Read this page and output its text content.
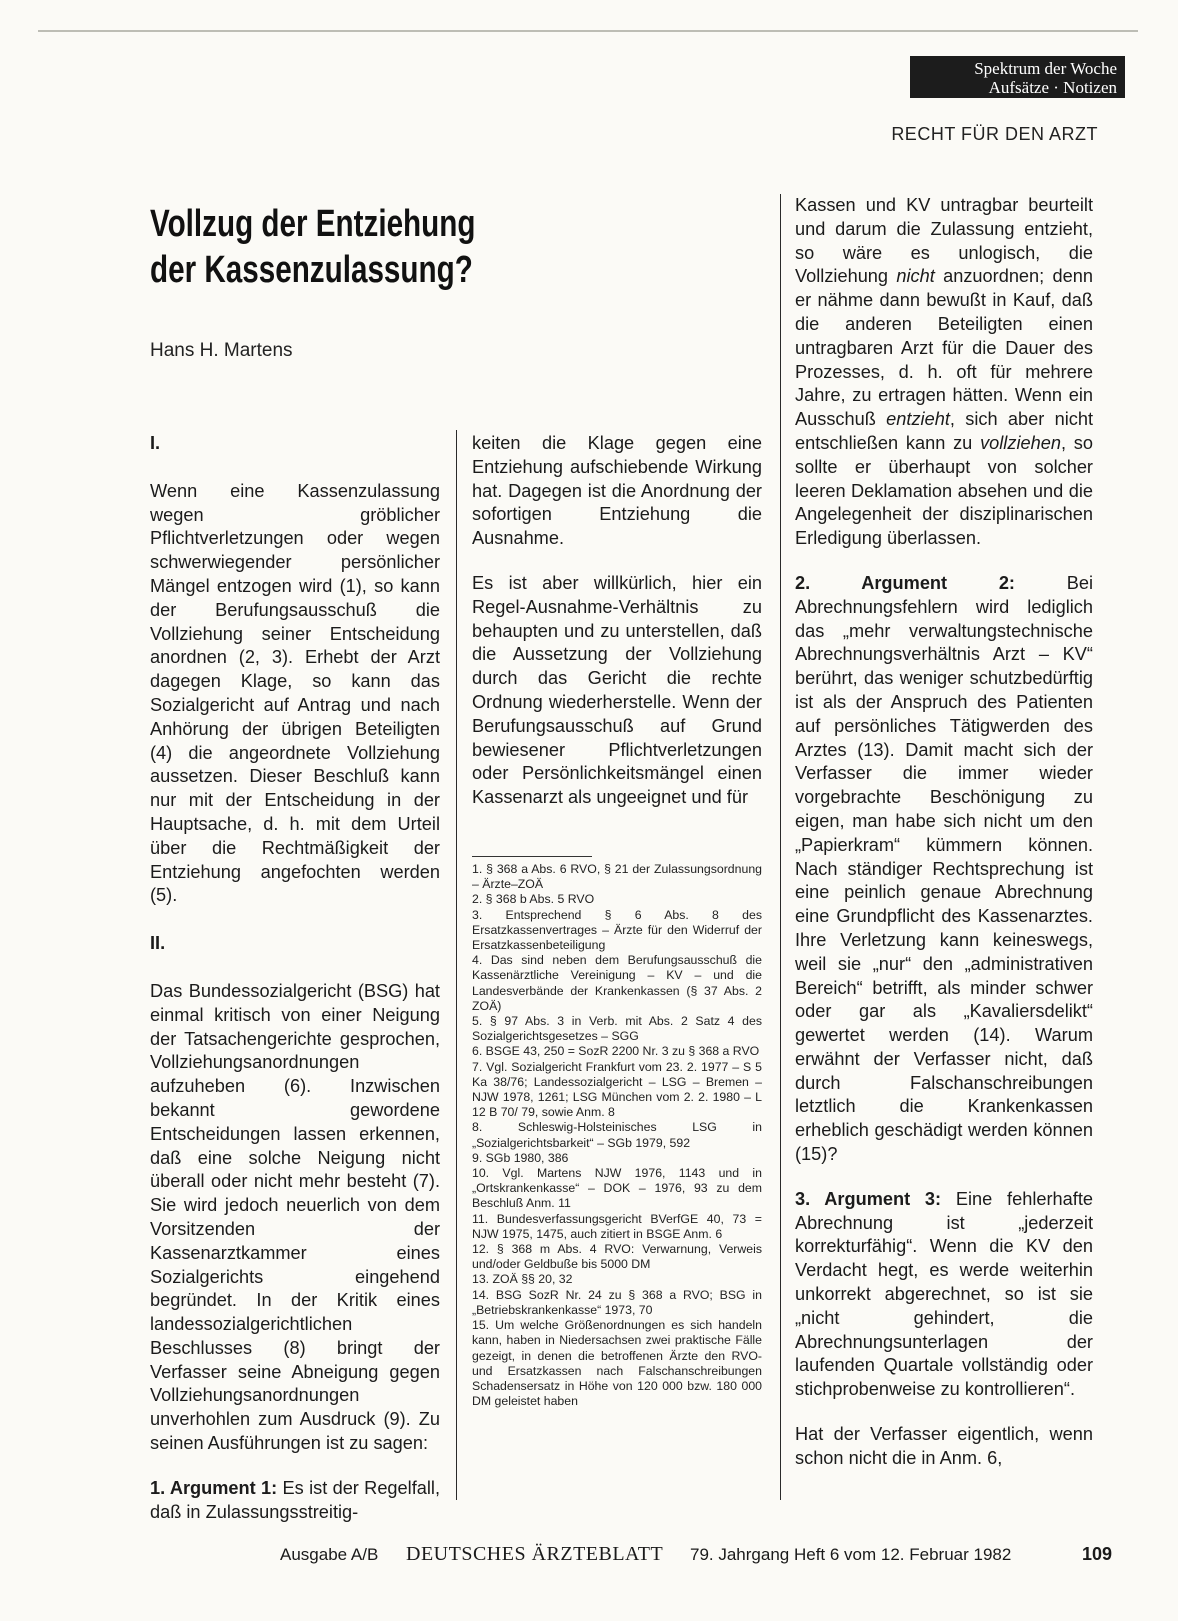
Spektrum der Woche
Aufsätze · Notizen
RECHT FÜR DEN ARZT
Vollzug der Entziehung
der Kassenzulassung?
Hans H. Martens

I.

Wenn eine Kassenzulassung wegen gröblicher Pflichtverletzungen oder wegen schwerwiegender persönlicher Mängel entzogen wird (1), so kann der Berufungsausschuß die Vollziehung seiner Entscheidung anordnen (2, 3). Erhebt der Arzt dagegen Klage, so kann das Sozialgericht auf Antrag und nach Anhörung der übrigen Beteiligten (4) die angeordnete Vollziehung aussetzen. Dieser Beschluß kann nur mit der Entscheidung in der Hauptsache, d. h. mit dem Urteil über die Rechtmäßigkeit der Entziehung angefochten werden (5).

II.

Das Bundessozialgericht (BSG) hat einmal kritisch von einer Neigung der Tatsachengerichte gesprochen, Vollziehungsanordnungen aufzuheben (6). Inzwischen bekannt gewordene Entscheidungen lassen erkennen, daß eine solche Neigung nicht überall oder nicht mehr besteht (7). Sie wird jedoch neuerlich von dem Vorsitzenden der Kassenarztkammer eines Sozialgerichts eingehend begründet. In der Kritik eines landessozialgerichtlichen Beschlusses (8) bringt der Verfasser seine Abneigung gegen Vollziehungsanordnungen unverhohlen zum Ausdruck (9). Zu seinen Ausführungen ist zu sagen:

1. Argument 1: Es ist der Regelfall, daß in Zulassungsstreitig-

keiten die Klage gegen eine Entziehung aufschiebende Wirkung hat. Dagegen ist die Anordnung der sofortigen Entziehung die Ausnahme.

Es ist aber willkürlich, hier ein Regel-Ausnahme-Verhältnis zu behaupten und zu unterstellen, daß die Aussetzung der Vollziehung durch das Gericht die rechte Ordnung wiederherstelle. Wenn der Berufungsausschuß auf Grund bewiesener Pflichtverletzungen oder Persönlichkeitsmängel einen Kassenarzt als ungeeignet und für

1. § 368 a Abs. 6 RVO, § 21 der Zulassungsordnung – Ärzte–ZOÄ
2. § 368 b Abs. 5 RVO
3. Entsprechend § 6 Abs. 8 des Ersatzkassenvertrages – Ärzte für den Widerruf der Ersatzkassenbeteiligung
4. Das sind neben dem Berufungsausschuß die Kassenärztliche Vereinigung – KV – und die Landesverbände der Krankenkassen (§ 37 Abs. 2 ZOÄ)
5. § 97 Abs. 3 in Verb. mit Abs. 2 Satz 4 des Sozialgerichtsgesetzes – SGG
6. BSGE 43, 250 = SozR 2200 Nr. 3 zu § 368 a RVO
7. Vgl. Sozialgericht Frankfurt vom 23. 2. 1977 – S 5 Ka 38/76; Landessozialgericht – LSG – Bremen – NJW 1978, 1261; LSG München vom 2. 2. 1980 – L 12 B 70/ 79, sowie Anm. 8
8. Schleswig-Holsteinisches LSG in „Sozialgerichtsbarkeit“ – SGb 1979, 592
9. SGb 1980, 386
10. Vgl. Martens NJW 1976, 1143 und in „Ortskrankenkasse“ – DOK – 1976, 93 zu dem Beschluß Anm. 11
11. Bundesverfassungsgericht BVerfGE 40, 73 = NJW 1975, 1475, auch zitiert in BSGE Anm. 6
12. § 368 m Abs. 4 RVO: Verwarnung, Verweis und/oder Geldbuße bis 5000 DM
13. ZOÄ §§ 20, 32
14. BSG SozR Nr. 24 zu § 368 a RVO; BSG in „Betriebskrankenkasse“ 1973, 70
15. Um welche Größenordnungen es sich handeln kann, haben in Niedersachsen zwei praktische Fälle gezeigt, in denen die betroffenen Ärzte den RVO- und Ersatzkassen nach Falschanschreibungen Schadensersatz in Höhe von 120 000 bzw. 180 000 DM geleistet haben

Kassen und KV untragbar beurteilt und darum die Zulassung entzieht, so wäre es unlogisch, die Vollziehung nicht anzuordnen; denn er nähme dann bewußt in Kauf, daß die anderen Beteiligten einen untragbaren Arzt für die Dauer des Prozesses, d. h. oft für mehrere Jahre, zu ertragen hätten. Wenn ein Ausschuß entzieht, sich aber nicht entschließen kann zu vollziehen, so sollte er überhaupt von solcher leeren Deklamation absehen und die Angelegenheit der disziplinarischen Erledigung überlassen.

2. Argument 2: Bei Abrechnungsfehlern wird lediglich das „mehr verwaltungstechnische Abrechnungsverhältnis Arzt – KV“ berührt, das weniger schutzbedürftig ist als der Anspruch des Patienten auf persönliches Tätigwerden des Arztes (13). Damit macht sich der Verfasser die immer wieder vorgebrachte Beschönigung zu eigen, man habe sich nicht um den „Papierkram“ kümmern können. Nach ständiger Rechtsprechung ist eine peinlich genaue Abrechnung eine Grundpflicht des Kassenarztes. Ihre Verletzung kann keineswegs, weil sie „nur“ den „administrativen Bereich“ betrifft, als minder schwer oder gar als „Kavaliersdelikt“ gewertet werden (14). Warum erwähnt der Verfasser nicht, daß durch Falschanschreibungen letztlich die Krankenkassen erheblich geschädigt werden können (15)?

3. Argument 3: Eine fehlerhafte Abrechnung ist „jederzeit korrekturfähig“. Wenn die KV den Verdacht hegt, es werde weiterhin unkorrekt abgerechnet, so ist sie „nicht gehindert, die Abrechnungsunterlagen der laufenden Quartale vollständig oder stichprobenweise zu kontrollieren“.

Hat der Verfasser eigentlich, wenn schon nicht die in Anm. 6,

Ausgabe A/B DEUTSCHES ÄRZTEBLATT 79. Jahrgang Heft 6 vom 12. Februar 1982	109
